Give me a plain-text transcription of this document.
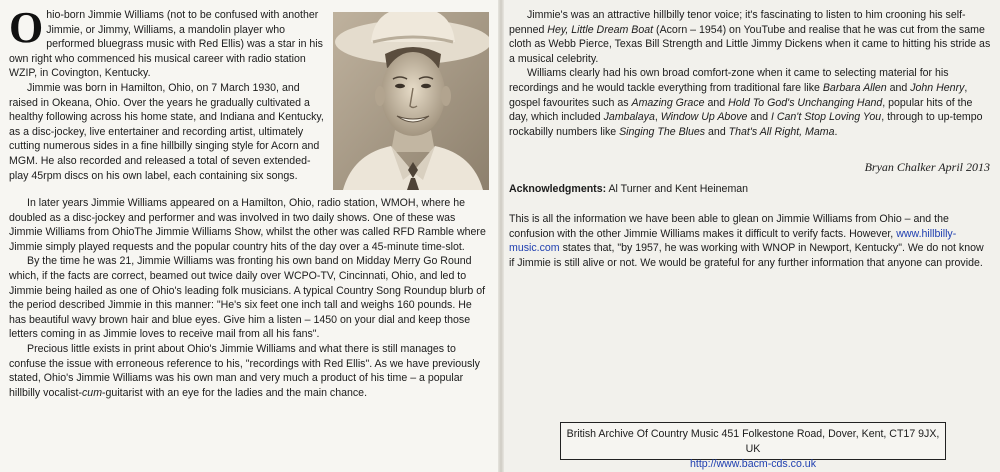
Ohio-born Jimmie Williams (not to be confused with another Jimmie, or Jimmy, Williams, a mandolin player who performed bluegrass music with Red Ellis) was a star in his own right who commenced his musical career with radio station WZIP, in Covington, Kentucky.

Jimmie was born in Hamilton, Ohio, on 7 March 1930, and raised in Okeana, Ohio. Over the years he gradually cultivated a healthy following across his home state, and Indiana and Kentucky, as a disc-jockey, live entertainer and recording artist, ultimately cutting numerous sides in a fine hillbilly singing style for Acorn and MGM. He also recorded and released a total of seven extended-play 45rpm discs on his own label, each containing six songs.

In later years Jimmie Williams appeared on a Hamilton, Ohio, radio station, WMOH, where he doubled as a disc-jockey and performer and was involved in two daily shows. One of these was Jimmie Williams from OhioThe Jimmie Williams Show, whilst the other was called RFD Ramble where Jimmie simply played requests and the popular country hits of the day over a 45-minute time-slot.

By the time he was 21, Jimmie Williams was fronting his own band on Midday Merry Go Round which, if the facts are correct, beamed out twice daily over WCPO-TV, Cincinnati, Ohio, and led to Jimmie being hailed as one of Ohio's leading folk musicians. A typical Country Song Roundup blurb of the period described Jimmie in this manner: "He's six feet one inch tall and weighs 160 pounds. He has beautiful wavy brown hair and blue eyes. Give him a listen – 1450 on your dial and keep those letters coming in as Jimmie loves to receive mail from all his fans".

Precious little exists in print about Ohio's Jimmie Williams and what there is still manages to confuse the issue with erroneous reference to his, "recordings with Red Ellis". As we have previously stated, Ohio's Jimmie Williams was his own man and very much a product of his time – a popular hillbilly vocalist-cum-guitarist with an eye for the ladies and the main chance.

Jimmie's was an attractive hillbilly tenor voice; it's fascinating to listen to him crooning his self-penned Hey, Little Dream Boat (Acorn – 1954) on YouTube and realise that he was cut from the same cloth as Webb Pierce, Texas Bill Strength and Little Jimmy Dickens when it came to hitting his stride as a musical celebrity.

Williams clearly had his own broad comfort-zone when it came to selecting material for his recordings and he would tackle everything from traditional fare like Barbara Allen and John Henry, gospel favourites such as Amazing Grace and Hold To God's Unchanging Hand, popular hits of the day, which included Jambalaya, Window Up Above and I Can't Stop Loving You, through to up-tempo rockabilly numbers like Singing The Blues and That's All Right, Mama.

Bryan Chalker April 2013
Acknowledgments: Al Turner and Kent Heineman

This is all the information we have been able to glean on Jimmie Williams from Ohio – and the confusion with the other Jimmie Williams makes it difficult to verify facts. However, www.hillbilly-music.com states that, "by 1957, he was working with WNOP in Newport, Kentucky". We do not know if Jimmie is still alive or not. We would be grateful for any further information that anyone can provide.

British Archive Of Country Music 451 Folkestone Road, Dover, Kent, CT17 9JX, UK
http://www.bacm-cds.co.uk
